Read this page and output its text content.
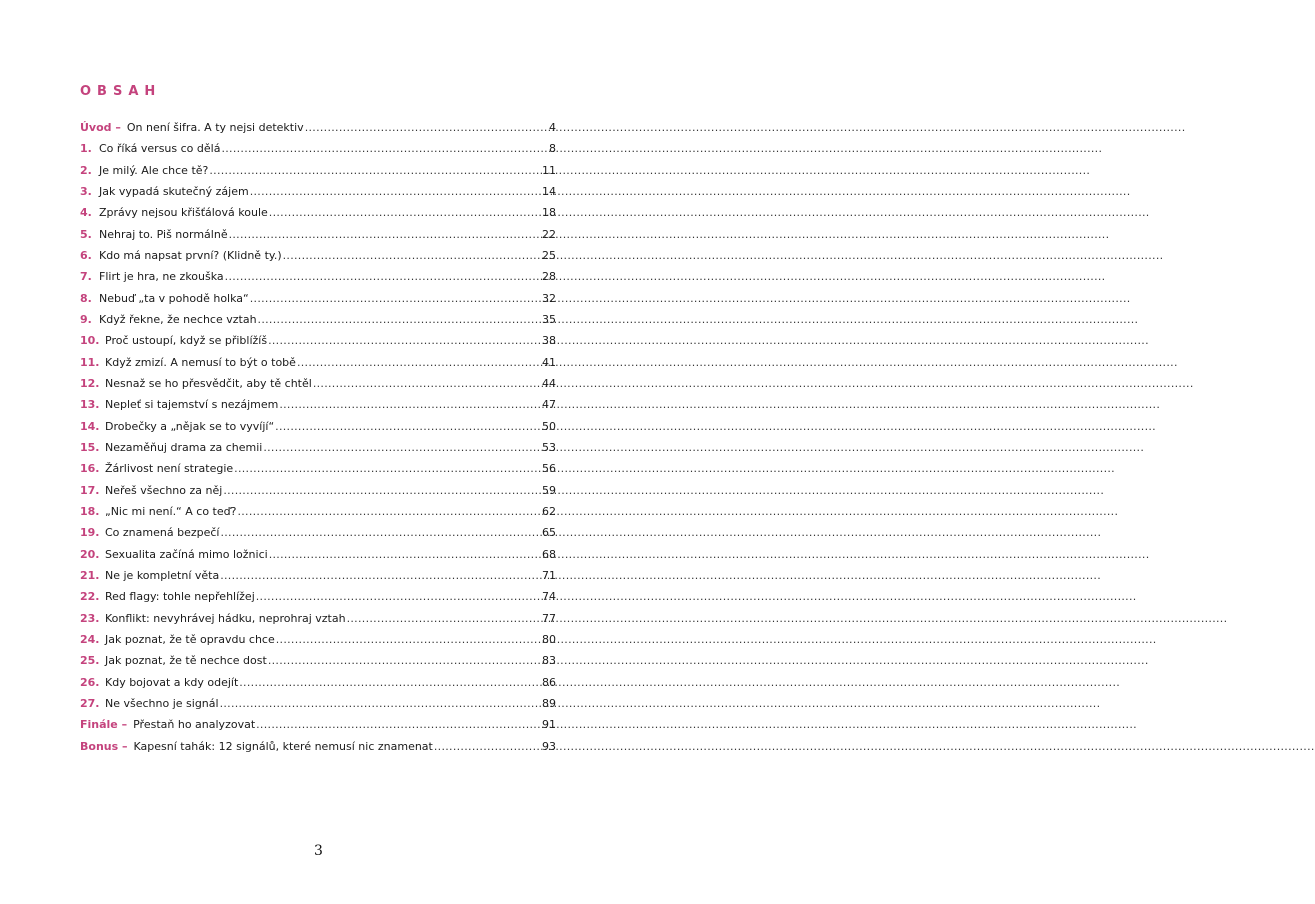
OBSAH
Úvod – On není šifra. A ty nejsi detektiv .....	4
1. Co říká versus co dělá .....	8
2. Je milý. Ale chce tě? .....	11
3. Jak vypadá skutečný zájem .....	14
4. Zprávy nejsou křišťálová koule .....	18
5. Nehraj to. Piš normálně .....	22
6. Kdo má napsat první? (Klidně ty.) .....	25
7. Flirt je hra, ne zkouška .....	28
8. Nebuď „ta v pohodě holka“ .....	32
9. Když řekne, že nechce vztah .....	35
10. Proč ustoupí, když se přiblížíš .....	38
11. Když zmizí. A nemusí to být o tobě .....	41
12. Nesnaž se ho přesvědčit, aby tě chtěl .....	44
13. Nepleť si tajemství s nezájmem .....	47
14. Drobečky a „nějak se to vyvíjí“ .....	50
15. Nezaměňuj drama za chemii .....	53
16. Žárlivost není strategie .....	56
17. Neřeš všechno za něj .....	59
18. „Nic mi není.“ A co teď? .....	62
19. Co znamená bezpečí .....	65
20. Sexualita začíná mimo ložnici .....	68
21. Ne je kompletní věta .....	71
22. Red flagy: tohle nepřehlížej .....	74
23. Konflikt: nevyhrávej hádku, neprohraj vztah .....	77
24. Jak poznat, že tě opravdu chce .....	80
25. Jak poznat, že tě nechce dost .....	83
26. Kdy bojovat a kdy odejít .....	86
27. Ne všechno je signál .....	89
Finále – Přestaň ho analyzovat .....	91
Bonus – Kapesní tahák: 12 signálů, které nemusí nic znamenat .....	93
3
